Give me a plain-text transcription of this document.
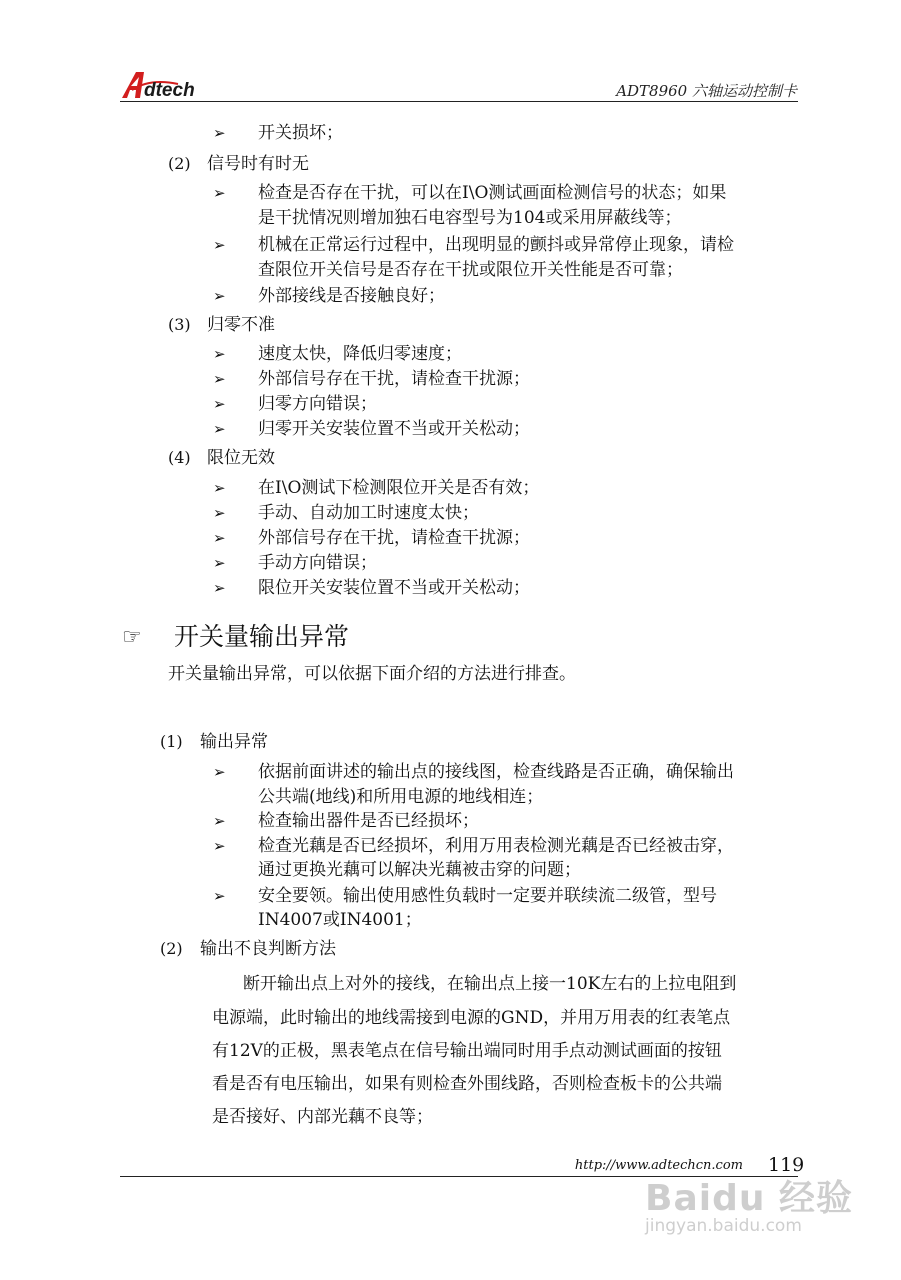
dtech	ADT8960 六轴运动控制卡
➢ 开关损坏；
(2) 信号时有时无
➢ 检查是否存在干扰，可以在I\O测试画面检测信号的状态；如果
是干扰情况则增加独石电容型号为104或采用屏蔽线等；
➢ 机械在正常运行过程中，出现明显的颤抖或异常停止现象，请检
查限位开关信号是否存在干扰或限位开关性能是否可靠；
➢ 外部接线是否接触良好；
(3) 归零不准
➢ 速度太快，降低归零速度；
➢ 外部信号存在干扰，请检查干扰源；
➢ 归零方向错误；
➢ 归零开关安装位置不当或开关松动；
(4) 限位无效
➢ 在I\O测试下检测限位开关是否有效；
➢ 手动、自动加工时速度太快；
➢ 外部信号存在干扰，请检查干扰源；
➢ 手动方向错误；
➢ 限位开关安装位置不当或开关松动；
☞ 开关量输出异常
开关量输出异常，可以依据下面介绍的方法进行排查。
(1) 输出异常
➢ 依据前面讲述的输出点的接线图，检查线路是否正确，确保输出
公共端(地线)和所用电源的地线相连；
➢ 检查输出器件是否已经损坏；
➢ 检查光藕是否已经损坏，利用万用表检测光藕是否已经被击穿，
通过更换光藕可以解决光藕被击穿的问题；
➢ 安全要领。输出使用感性负载时一定要并联续流二级管，型号
IN4007或IN4001；
(2) 输出不良判断方法
断开输出点上对外的接线，在输出点上接一10K左右的上拉电阻到
电源端，此时输出的地线需接到电源的GND，并用万用表的红表笔点
有12V的正极，黑表笔点在信号输出端同时用手点动测试画面的按钮
看是否有电压输出，如果有则检查外围线路，否则检查板卡的公共端
是否接好、内部光藕不良等；
http://www.adtechcn.com 119
Baidu 经验
jingyan.baidu.com
